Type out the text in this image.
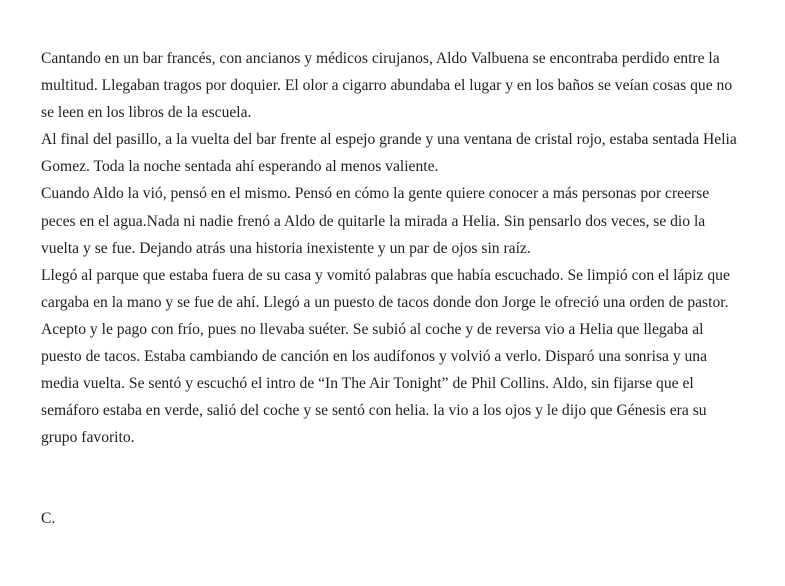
Cantando en un bar francés, con ancianos y médicos cirujanos, Aldo Valbuena se encontraba perdido entre la multitud. Llegaban tragos por doquier. El olor a cigarro abundaba el lugar y en los baños se veían cosas que no se leen en los libros de la escuela.

Al final del pasillo, a la vuelta del bar frente al espejo grande y una ventana de cristal rojo, estaba sentada Helia Gomez. Toda la noche sentada ahí esperando al menos valiente.

Cuando Aldo la vió, pensó en el mismo. Pensó en cómo la gente quiere conocer a más personas por creerse peces en el agua.Nada ni nadie frenó a Aldo de quitarle la mirada a Helia. Sin pensarlo dos veces, se dio la vuelta y se fue. Dejando atrás una historia inexistente y un par de ojos sin raíz.

Llegó al parque que estaba fuera de su casa y vomitó palabras que había escuchado. Se limpió con el lápiz que cargaba en la mano y se fue de ahí. Llegó a un puesto de tacos donde don Jorge le ofreció una orden de pastor. Acepto y le pago con frío, pues no llevaba suéter. Se subió al coche y de reversa vio a Helia que llegaba al puesto de tacos. Estaba cambiando de canción en los audífonos y volvió a verlo. Disparó una sonrisa y una media vuelta. Se sentó y escuchó el intro de “In The Air Tonight” de Phil Collins. Aldo, sin fijarse que el semáforo estaba en verde, salió del coche y se sentó con helia. la vio a los ojos y le dijo que Génesis era su grupo favorito.

C.
